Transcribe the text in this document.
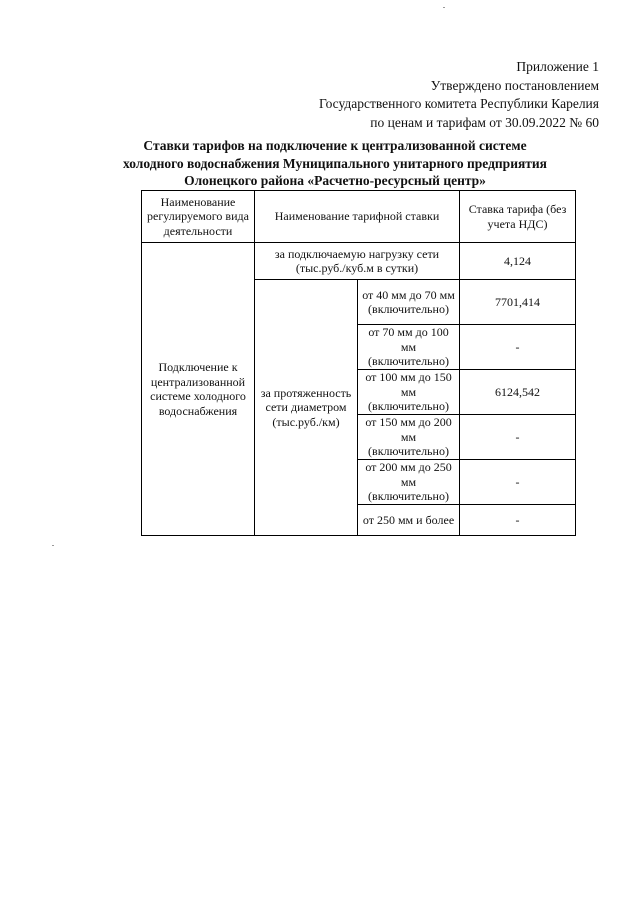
Приложение 1
Утверждено постановлением
Государственного комитета Республики Карелия
по ценам и тарифам от 30.09.2022 № 60
Ставки тарифов на подключение к централизованной системе
холодного водоснабжения Муниципального унитарного предприятия
Олонецкого района «Расчетно-ресурсный центр»
Наименование регулируемого вида деятельности	Наименование тарифной ставки		Ставка тарифа (без учета НДС)
Подключение к централизованной системе холодного водоснабжения	за подключаемую нагрузку сети (тыс.руб./куб.м в сутки)		4,124
	за протяженность сети диаметром (тыс.руб./км)	от 40 мм до 70 мм (включительно)	7701,414
		от 70 мм до 100 мм (включительно)	-
		от 100 мм до 150 мм (включительно)	6124,542
		от 150 мм до 200 мм (включительно)	-
		от 200 мм до 250 мм (включительно)	-
		от 250 мм и более	-
